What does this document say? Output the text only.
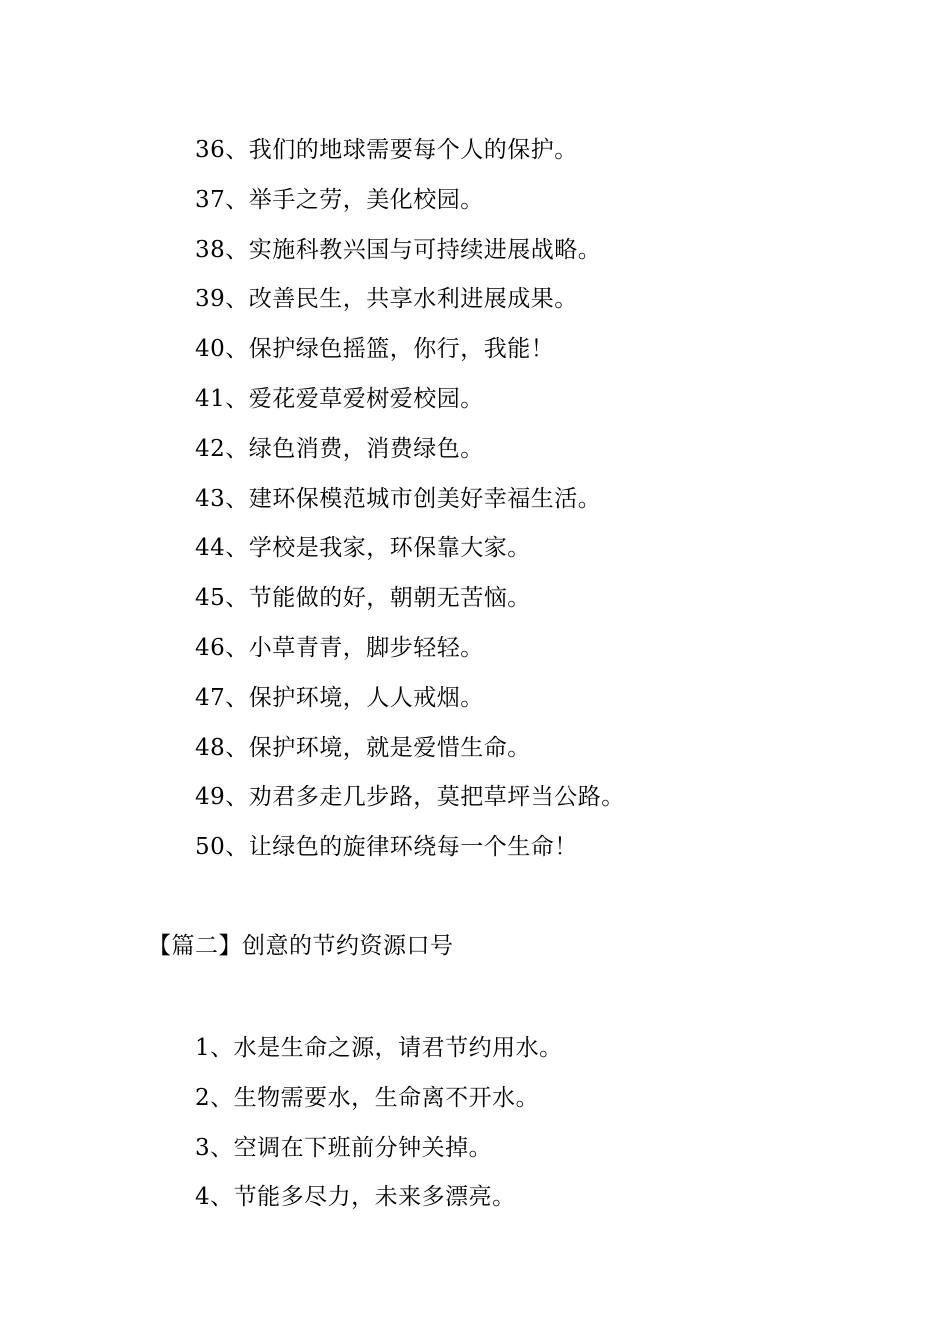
36、我们的地球需要每个人的保护。
37、举手之劳，美化校园。
38、实施科教兴国与可持续进展战略。
39、改善民生，共享水利进展成果。
40、保护绿色摇篮，你行，我能！
41、爱花爱草爱树爱校园。
42、绿色消费，消费绿色。
43、建环保模范城市创美好幸福生活。
44、学校是我家，环保靠大家。
45、节能做的好，朝朝无苦恼。
46、小草青青，脚步轻轻。
47、保护环境，人人戒烟。
48、保护环境，就是爱惜生命。
49、劝君多走几步路，莫把草坪当公路。
50、让绿色的旋律环绕每一个生命！
【篇二】创意的节约资源口号
1、水是生命之源，请君节约用水。
2、生物需要水，生命离不开水。
3、空调在下班前分钟关掉。
4、节能多尽力，未来多漂亮。
